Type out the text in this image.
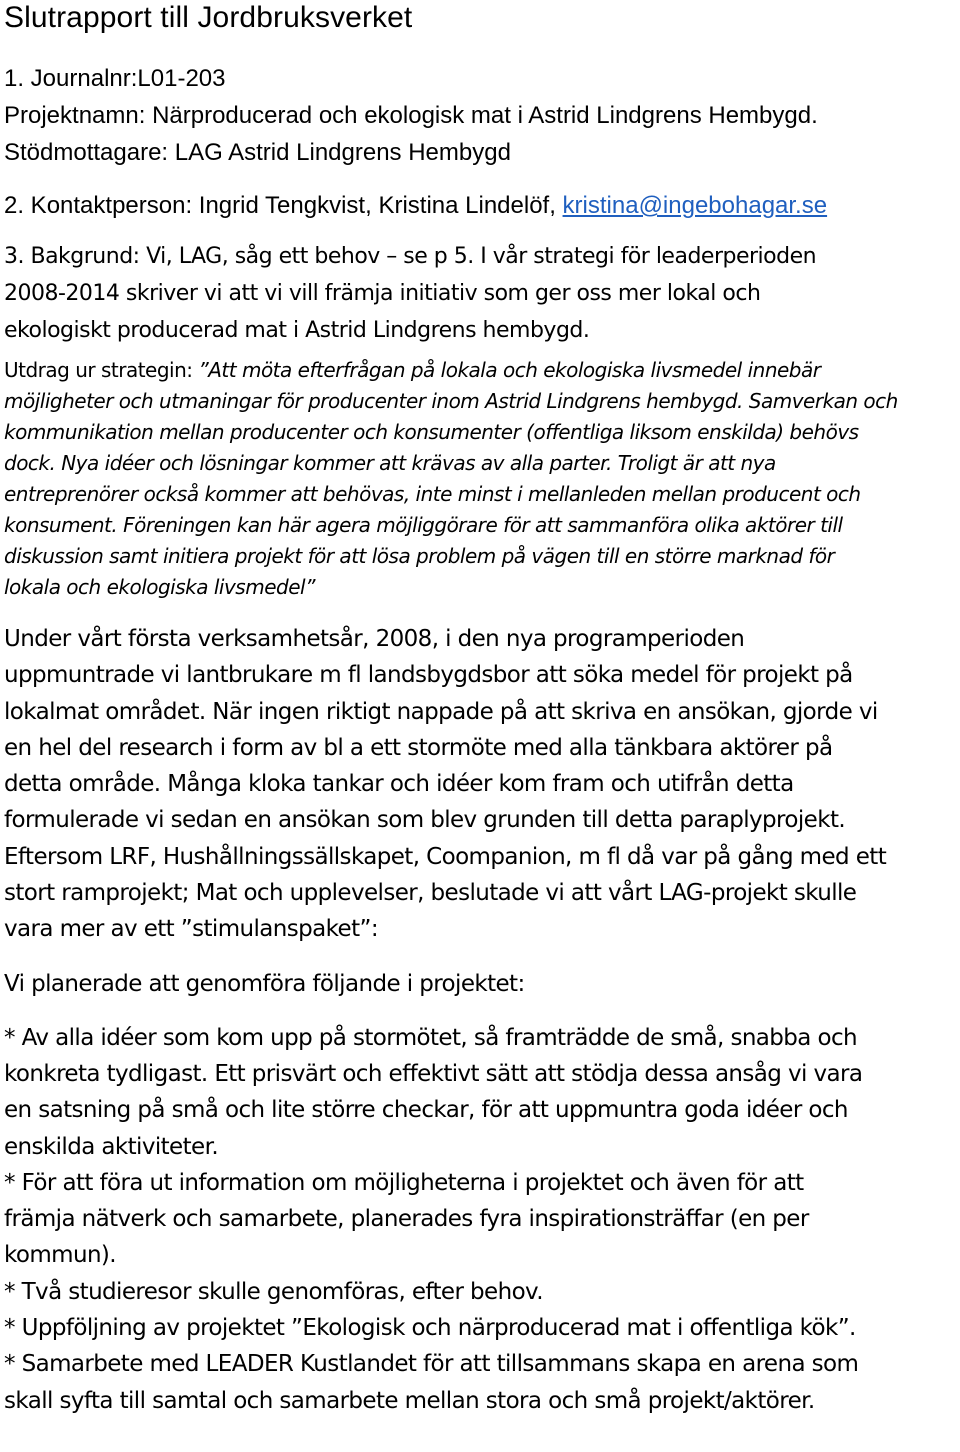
Slutrapport till Jordbruksverket
1. Journalnr:L01-203
Projektnamn: Närproducerad och ekologisk mat i Astrid Lindgrens Hembygd.
Stödmottagare: LAG Astrid Lindgrens Hembygd
2. Kontaktperson: Ingrid Tengkvist, Kristina Lindelöf, kristina@ingebohagar.se
3. Bakgrund: Vi, LAG, såg ett behov – se p 5. I vår strategi för leaderperioden
2008-2014 skriver vi att vi vill främja initiativ som ger oss mer lokal och
ekologiskt producerad mat i Astrid Lindgrens hembygd.
Utdrag ur strategin: ”Att möta efterfrågan på lokala och ekologiska livsmedel innebär
möjligheter och utmaningar för producenter inom Astrid Lindgrens hembygd. Samverkan och
kommunikation mellan producenter och konsumenter (offentliga liksom enskilda) behövs
dock. Nya idéer och lösningar kommer att krävas av alla parter. Troligt är att nya
entreprenörer också kommer att behövas, inte minst i mellanleden mellan producent och
konsument. Föreningen kan här agera möjliggörare för att sammanföra olika aktörer till
diskussion samt initiera projekt för att lösa problem på vägen till en större marknad för
lokala och ekologiska livsmedel”
Under vårt första verksamhetsår, 2008, i den nya programperioden
uppmuntrade vi lantbrukare m fl landsbygdsbor att söka medel för projekt på
lokalmat området. När ingen riktigt nappade på att skriva en ansökan, gjorde vi
en hel del research i form av bl a ett stormöte med alla tänkbara aktörer på
detta område. Många kloka tankar och idéer kom fram och utifrån detta
formulerade vi sedan en ansökan som blev grunden till detta paraplyprojekt.
Eftersom LRF, Hushållningssällskapet, Coompanion, m fl då var på gång med ett
stort ramprojekt; Mat och upplevelser, beslutade vi att vårt LAG-projekt skulle
vara mer av ett ”stimulanspaket”:
Vi planerade att genomföra följande i projektet:
* Av alla idéer som kom upp på stormötet, så framträdde de små, snabba och
konkreta tydligast. Ett prisvärt och effektivt sätt att stödja dessa ansåg vi vara
en satsning på små och lite större checkar, för att uppmuntra goda idéer och
enskilda aktiviteter.
* För att föra ut information om möjligheterna i projektet och även för att
främja nätverk och samarbete, planerades fyra inspirationsträffar (en per
kommun).
* Två studieresor skulle genomföras, efter behov.
* Uppföljning av projektet ”Ekologisk och närproducerad mat i offentliga kök”.
* Samarbete med LEADER Kustlandet för att tillsammans skapa en arena som
skall syfta till samtal och samarbete mellan stora och små projekt/aktörer.
